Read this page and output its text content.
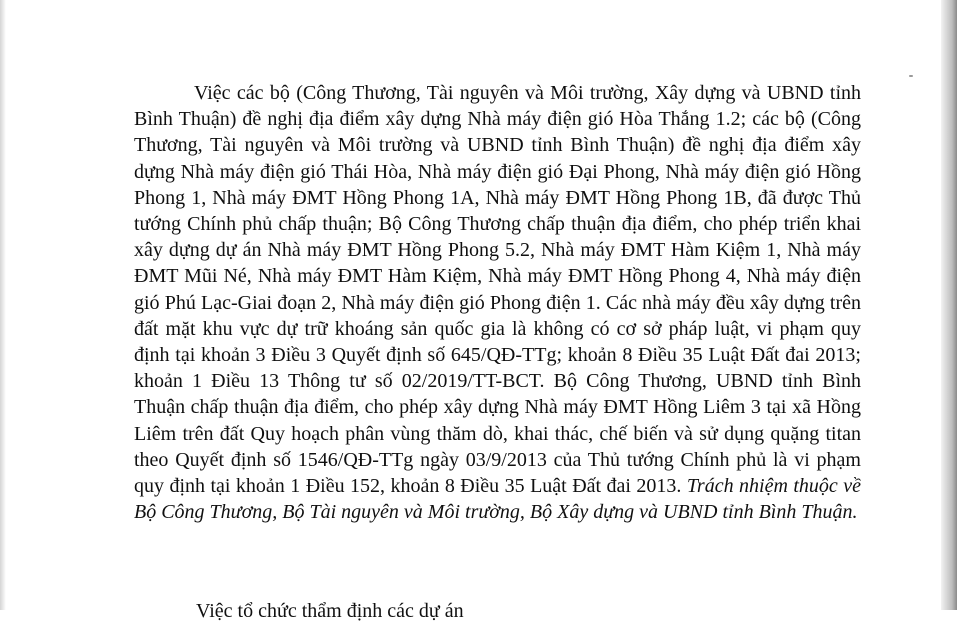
Việc các bộ (Công Thương, Tài nguyên và Môi trường, Xây dựng và UBND tỉnh Bình Thuận) đề nghị địa điểm xây dựng Nhà máy điện gió Hòa Thắng 1.2; các bộ (Công Thương, Tài nguyên và Môi trường và UBND tỉnh Bình Thuận) đề nghị địa điểm xây dựng Nhà máy điện gió Thái Hòa, Nhà máy điện gió Đại Phong, Nhà máy điện gió Hồng Phong 1, Nhà máy ĐMT Hồng Phong 1A, Nhà máy ĐMT Hồng Phong 1B, đã được Thủ tướng Chính phủ chấp thuận; Bộ Công Thương chấp thuận địa điểm, cho phép triển khai xây dựng dự án Nhà máy ĐMT Hồng Phong 5.2, Nhà máy ĐMT Hàm Kiệm 1, Nhà máy ĐMT Mũi Né, Nhà máy ĐMT Hàm Kiệm, Nhà máy ĐMT Hồng Phong 4, Nhà máy điện gió Phú Lạc-Giai đoạn 2, Nhà máy điện gió Phong điện 1. Các nhà máy đều xây dựng trên đất mặt khu vực dự trữ khoáng sản quốc gia là không có cơ sở pháp luật, vi phạm quy định tại khoản 3 Điều 3 Quyết định số 645/QĐ-TTg; khoản 8 Điều 35 Luật Đất đai 2013; khoản 1 Điều 13 Thông tư số 02/2019/TT-BCT. Bộ Công Thương, UBND tỉnh Bình Thuận chấp thuận địa điểm, cho phép xây dựng Nhà máy ĐMT Hồng Liêm 3 tại xã Hồng Liêm trên đất Quy hoạch phân vùng thăm dò, khai thác, chế biến và sử dụng quặng titan theo Quyết định số 1546/QĐ-TTg ngày 03/9/2013 của Thủ tướng Chính phủ là vi phạm quy định tại khoản 1 Điều 152, khoản 8 Điều 35 Luật Đất đai 2013. Trách nhiệm thuộc về Bộ Công Thương, Bộ Tài nguyên và Môi trường, Bộ Xây dựng và UBND tỉnh Bình Thuận.

Việc tổ chức thẩm định các dự án
